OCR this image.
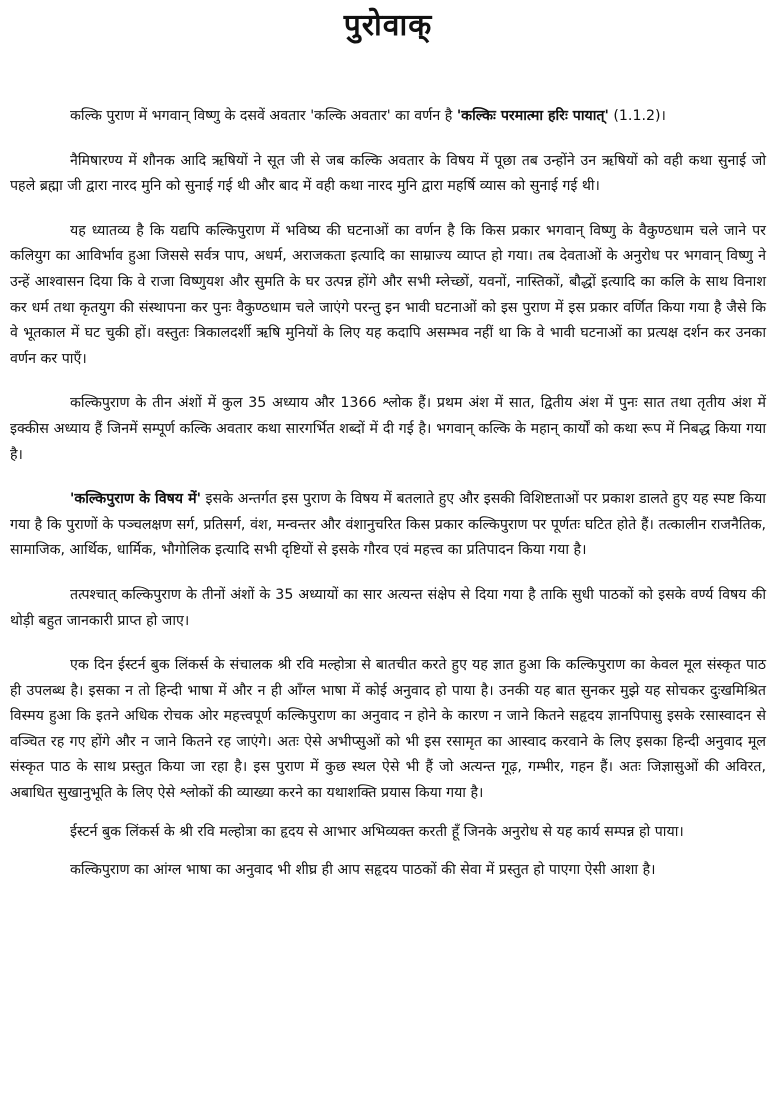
पुरोवाक्

कल्कि पुराण में भगवान् विष्णु के दसवें अवतार 'कल्कि अवतार' का वर्णन है 'कल्किः परमात्मा हरिः पायात्' (1.1.2)।

नैमिषारण्य में शौनक आदि ऋषियों ने सूत जी से जब कल्कि अवतार के विषय में पूछा तब उन्होंने उन ऋषियों को वही कथा सुनाई जो पहले ब्रह्मा जी द्वारा नारद मुनि को सुनाई गई थी और बाद में वही कथा नारद मुनि द्वारा महर्षि व्यास को सुनाई गई थी।

यह ध्यातव्य है कि यद्यपि कल्किपुराण में भविष्य की घटनाओं का वर्णन है कि किस प्रकार भगवान् विष्णु के वैकुण्ठधाम चले जाने पर कलियुग का आविर्भाव हुआ जिससे सर्वत्र पाप, अधर्म, अराजकता इत्यादि का साम्राज्य व्याप्त हो गया। तब देवताओं के अनुरोध पर भगवान् विष्णु ने उन्हें आश्वासन दिया कि वे राजा विष्णुयश और सुमति के घर उत्पन्न होंगे और सभी म्लेच्छों, यवनों, नास्तिकों, बौद्धों इत्यादि का कलि के साथ विनाश कर धर्म तथा कृतयुग की संस्थापना कर पुनः वैकुण्ठधाम चले जाएंगे परन्तु इन भावी घटनाओं को इस पुराण में इस प्रकार वर्णित किया गया है जैसे कि वे भूतकाल में घट चुकी हों। वस्तुतः त्रिकालदर्शी ऋषि मुनियों के लिए यह कदापि असम्भव नहीं था कि वे भावी घटनाओं का प्रत्यक्ष दर्शन कर उनका वर्णन कर पाएँ।

कल्किपुराण के तीन अंशों में कुल 35 अध्याय और 1366 श्लोक हैं। प्रथम अंश में सात, द्वितीय अंश में पुनः सात तथा तृतीय अंश में इक्कीस अध्याय हैं जिनमें सम्पूर्ण कल्कि अवतार कथा सारगर्भित शब्दों में दी गई है। भगवान् कल्कि के महान् कार्यों को कथा रूप में निबद्ध किया गया है।

'कल्किपुराण के विषय में' इसके अन्तर्गत इस पुराण के विषय में बतलाते हुए और इसकी विशिष्टताओं पर प्रकाश डालते हुए यह स्पष्ट किया गया है कि पुराणों के पञ्चलक्षण सर्ग, प्रतिसर्ग, वंश, मन्वन्तर और वंशानुचरित किस प्रकार कल्किपुराण पर पूर्णतः घटित होते हैं। तत्कालीन राजनैतिक, सामाजिक, आर्थिक, धार्मिक, भौगोलिक इत्यादि सभी दृष्टियों से इसके गौरव एवं महत्त्व का प्रतिपादन किया गया है।

तत्पश्चात् कल्किपुराण के तीनों अंशों के 35 अध्यायों का सार अत्यन्त संक्षेप से दिया गया है ताकि सुधी पाठकों को इसके वर्ण्य विषय की थोड़ी बहुत जानकारी प्राप्त हो जाए।

एक दिन ईस्टर्न बुक लिंकर्स के संचालक श्री रवि मल्होत्रा से बातचीत करते हुए यह ज्ञात हुआ कि कल्किपुराण का केवल मूल संस्कृत पाठ ही उपलब्ध है। इसका न तो हिन्दी भाषा में और न ही आँग्ल भाषा में कोई अनुवाद हो पाया है। उनकी यह बात सुनकर मुझे यह सोचकर दुःखमिश्रित विस्मय हुआ कि इतने अधिक रोचक ओर महत्त्वपूर्ण कल्किपुराण का अनुवाद न होने के कारण न जाने कितने सहृदय ज्ञानपिपासु इसके रसास्वादन से वञ्चित रह गए होंगे और न जाने कितने रह जाएंगे। अतः ऐसे अभीप्सुओं को भी इस रसामृत का आस्वाद करवाने के लिए इसका हिन्दी अनुवाद मूल संस्कृत पाठ के साथ प्रस्तुत किया जा रहा है। इस पुराण में कुछ स्थल ऐसे भी हैं जो अत्यन्त गूढ़, गम्भीर, गहन हैं। अतः जिज्ञासुओं की अविरत, अबाधित सुखानुभूति के लिए ऐसे श्लोकों की व्याख्या करने का यथाशक्ति प्रयास किया गया है।

ईस्टर्न बुक लिंकर्स के श्री रवि मल्होत्रा का हृदय से आभार अभिव्यक्त करती हूँ जिनके अनुरोध से यह कार्य सम्पन्न हो पाया।

कल्किपुराण का आंग्ल भाषा का अनुवाद भी शीघ्र ही आप सहृदय पाठकों की सेवा में प्रस्तुत हो पाएगा ऐसी आशा है।
